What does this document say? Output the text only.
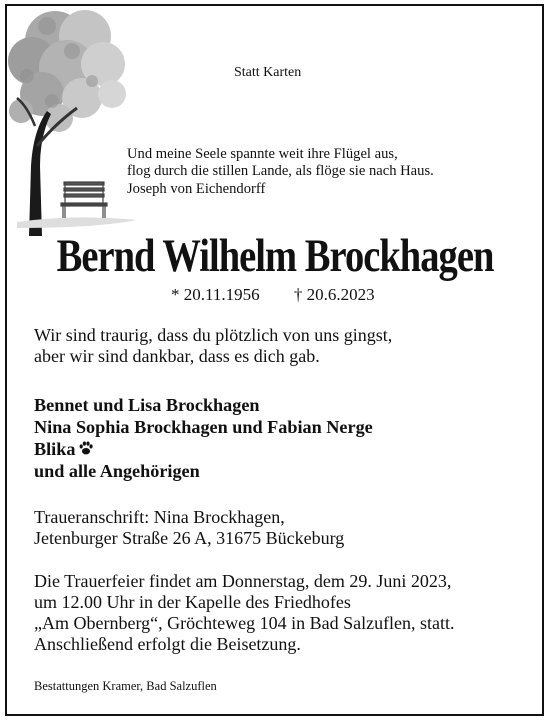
Statt Karten
Und meine Seele spannte weit ihre Flügel aus,
flog durch die stillen Lande, als flöge sie nach Haus.
Joseph von Eichendorff
Bernd Wilhelm Brockhagen
* 20.11.1956 † 20.6.2023
Wir sind traurig, dass du plötzlich von uns gingst,
aber wir sind dankbar, dass es dich gab.
Bennet und Lisa Brockhagen
Nina Sophia Brockhagen und Fabian Nerge
Blika
und alle Angehörigen
Traueranschrift: Nina Brockhagen,
Jetenburger Straße 26 A, 31675 Bückeburg
Die Trauerfeier findet am Donnerstag, dem 29. Juni 2023,
um 12.00 Uhr in der Kapelle des Friedhofes
„Am Obernberg“, Gröchteweg 104 in Bad Salzuflen, statt.
Anschließend erfolgt die Beisetzung.
Bestattungen Kramer, Bad Salzuflen
